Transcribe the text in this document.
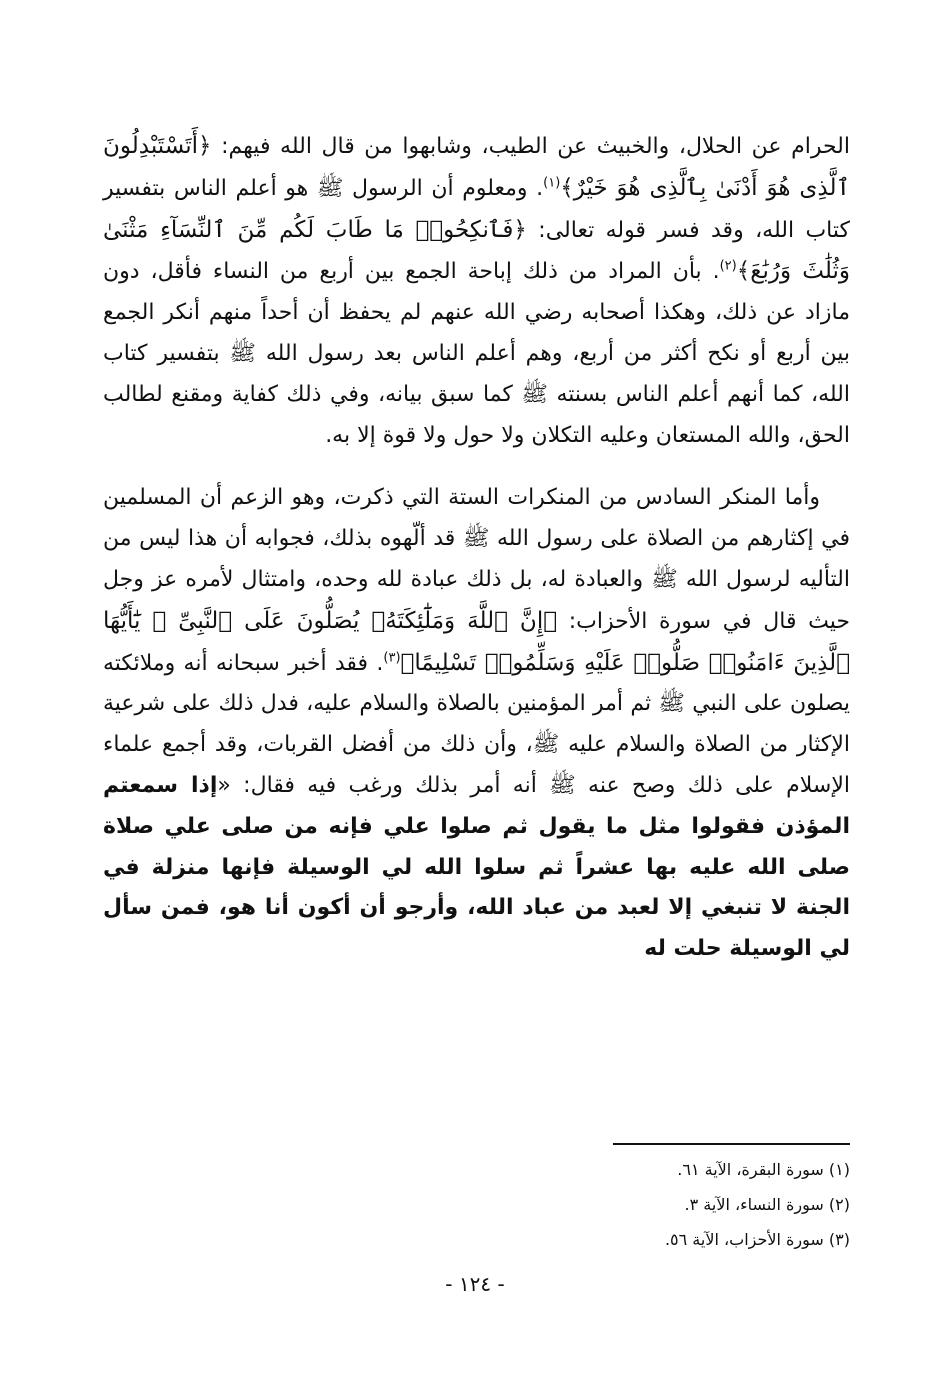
الحرام عن الحلال، والخبيث عن الطيب، وشابهوا من قال الله فيهم: ﴿أَتَسْتَبْدِلُونَ ٱلَّذِى هُوَ أَدْنَىٰ بِٱلَّذِى هُوَ خَيْرٌ﴾$^{(١)}$. ومعلوم أن الرسول ﷺ هو أعلم الناس بتفسير كتاب الله، وقد فسر قوله تعالى: ﴿فَٱنكِحُوا۟ مَا طَابَ لَكُم مِّنَ ٱلنِّسَآءِ مَثْنَىٰ وَثُلَٰثَ وَرُبَٰعَ﴾$^{(٢)}$. بأن المراد من ذلك إباحة الجمع بين أربع من النساء فأقل، دون مازاد عن ذلك، وهكذا أصحابه رضي الله عنهم لم يحفظ أن أحداً منهم أنكر الجمع بين أربع أو نكح أكثر من أربع، وهم أعلم الناس بعد رسول الله ﷺ بتفسير كتاب الله، كما أنهم أعلم الناس بسنته ﷺ كما سبق بيانه، وفي ذلك كفاية ومقنع لطالب الحق، والله المستعان وعليه التكلان ولا حول ولا قوة إلا به.

وأما المنكر السادس من المنكرات الستة التي ذكرت، وهو الزعم أن المسلمين في إكثارهم من الصلاة على رسول الله ﷺ قد ألّهوه بذلك، فجوابه أن هذا ليس من التأليه لرسول الله ﷺ والعبادة له، بل ذلك عبادة لله وحده، وامتثال لأمره عز وجل حيث قال في سورة الأحزاب: ﴿إِنَّ ٱللَّهَ وَمَلَٰٓئِكَتَهُۥ يُصَلُّونَ عَلَى ٱلنَّبِىِّ ۚ يَٰٓأَيُّهَا ٱلَّذِينَ ءَامَنُوا۟ صَلُّوا۟ عَلَيْهِ وَسَلِّمُوا۟ تَسْلِيمًا﴾$^{(٣)}$. فقد أخبر سبحانه أنه وملائكته يصلون على النبي ﷺ ثم أمر المؤمنين بالصلاة والسلام عليه، فدل ذلك على شرعية الإكثار من الصلاة والسلام عليه ﷺ، وأن ذلك من أفضل القربات، وقد أجمع علماء الإسلام على ذلك وصح عنه ﷺ أنه أمر بذلك ورغب فيه فقال: «إذا سمعتم المؤذن فقولوا مثل ما يقول ثم صلوا علي فإنه من صلى علي صلاة صلى الله عليه بها عشراً ثم سلوا الله لي الوسيلة فإنها منزلة في الجنة لا تنبغي إلا لعبد من عباد الله، وأرجو أن أكون أنا هو، فمن سأل لي الوسيلة حلت له

(١) سورة البقرة، الآية ٦١.
(٢) سورة النساء، الآية ٣.
(٣) سورة الأحزاب، الآية ٥٦.
- ١٢٤ -
